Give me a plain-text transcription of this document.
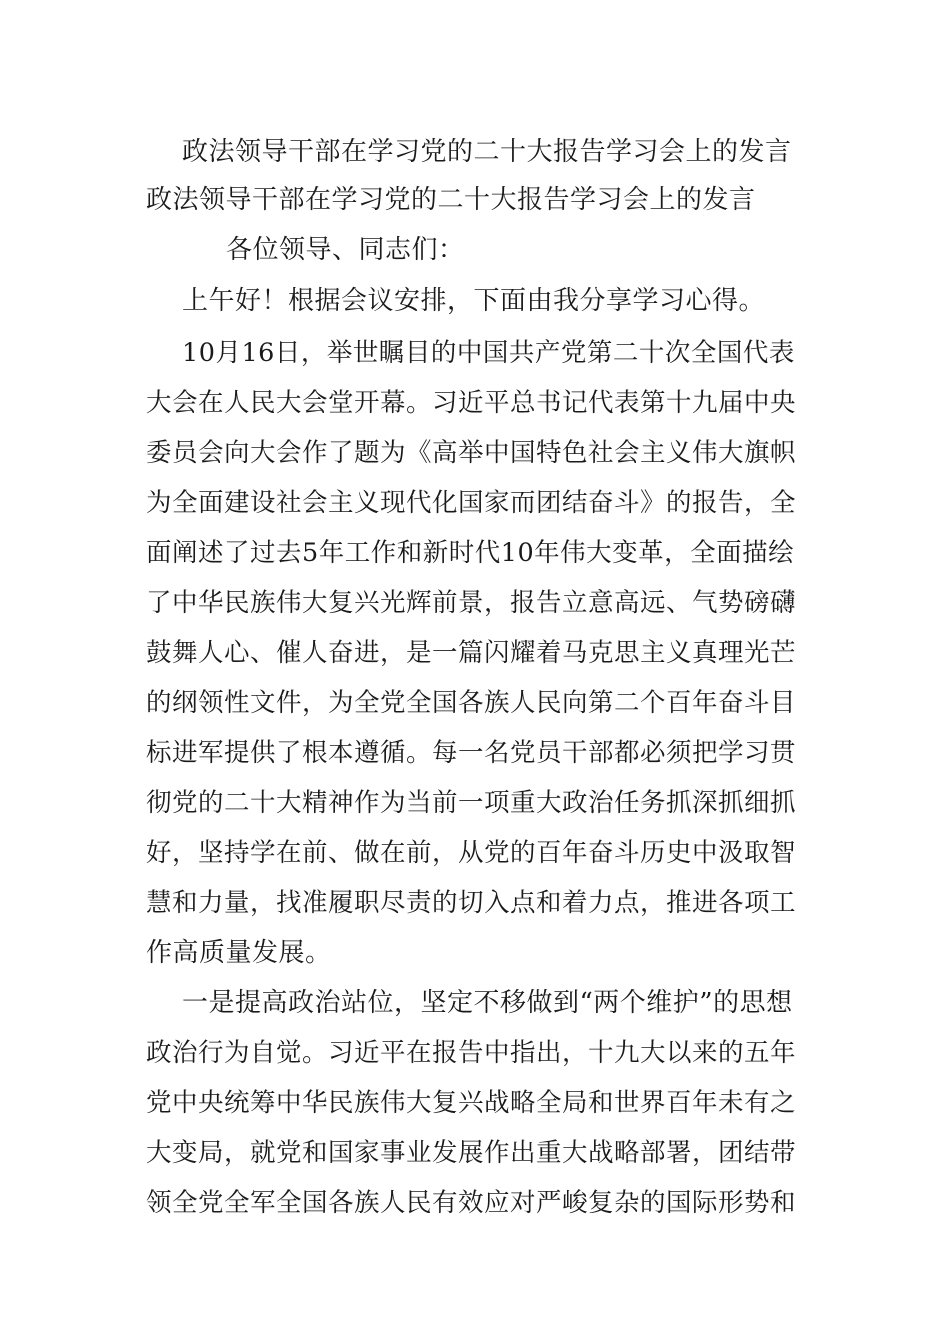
政法领导干部在学习党的二十大报告学习会上的发言
政法领导干部在学习党的二十大报告学习会上的发言
各位领导、同志们：
上午好！根据会议安排，下面由我分享学习心得。
10月16日，举世瞩目的中国共产党第二十次全国代表
大会在人民大会堂开幕。习近平总书记代表第十九届中央
委员会向大会作了题为《高举中国特色社会主义伟大旗帜
为全面建设社会主义现代化国家而团结奋斗》的报告，全
面阐述了过去5年工作和新时代10年伟大变革，全面描绘
了中华民族伟大复兴光辉前景，报告立意高远、气势磅礴
鼓舞人心、催人奋进，是一篇闪耀着马克思主义真理光芒
的纲领性文件，为全党全国各族人民向第二个百年奋斗目
标进军提供了根本遵循。每一名党员干部都必须把学习贯
彻党的二十大精神作为当前一项重大政治任务抓深抓细抓
好，坚持学在前、做在前，从党的百年奋斗历史中汲取智
慧和力量，找准履职尽责的切入点和着力点，推进各项工
作高质量发展。
一是提高政治站位，坚定不移做到“两个维护”的思想
政治行为自觉。习近平在报告中指出，十九大以来的五年
党中央统筹中华民族伟大复兴战略全局和世界百年未有之
大变局，就党和国家事业发展作出重大战略部署，团结带
领全党全军全国各族人民有效应对严峻复杂的国际形势和
